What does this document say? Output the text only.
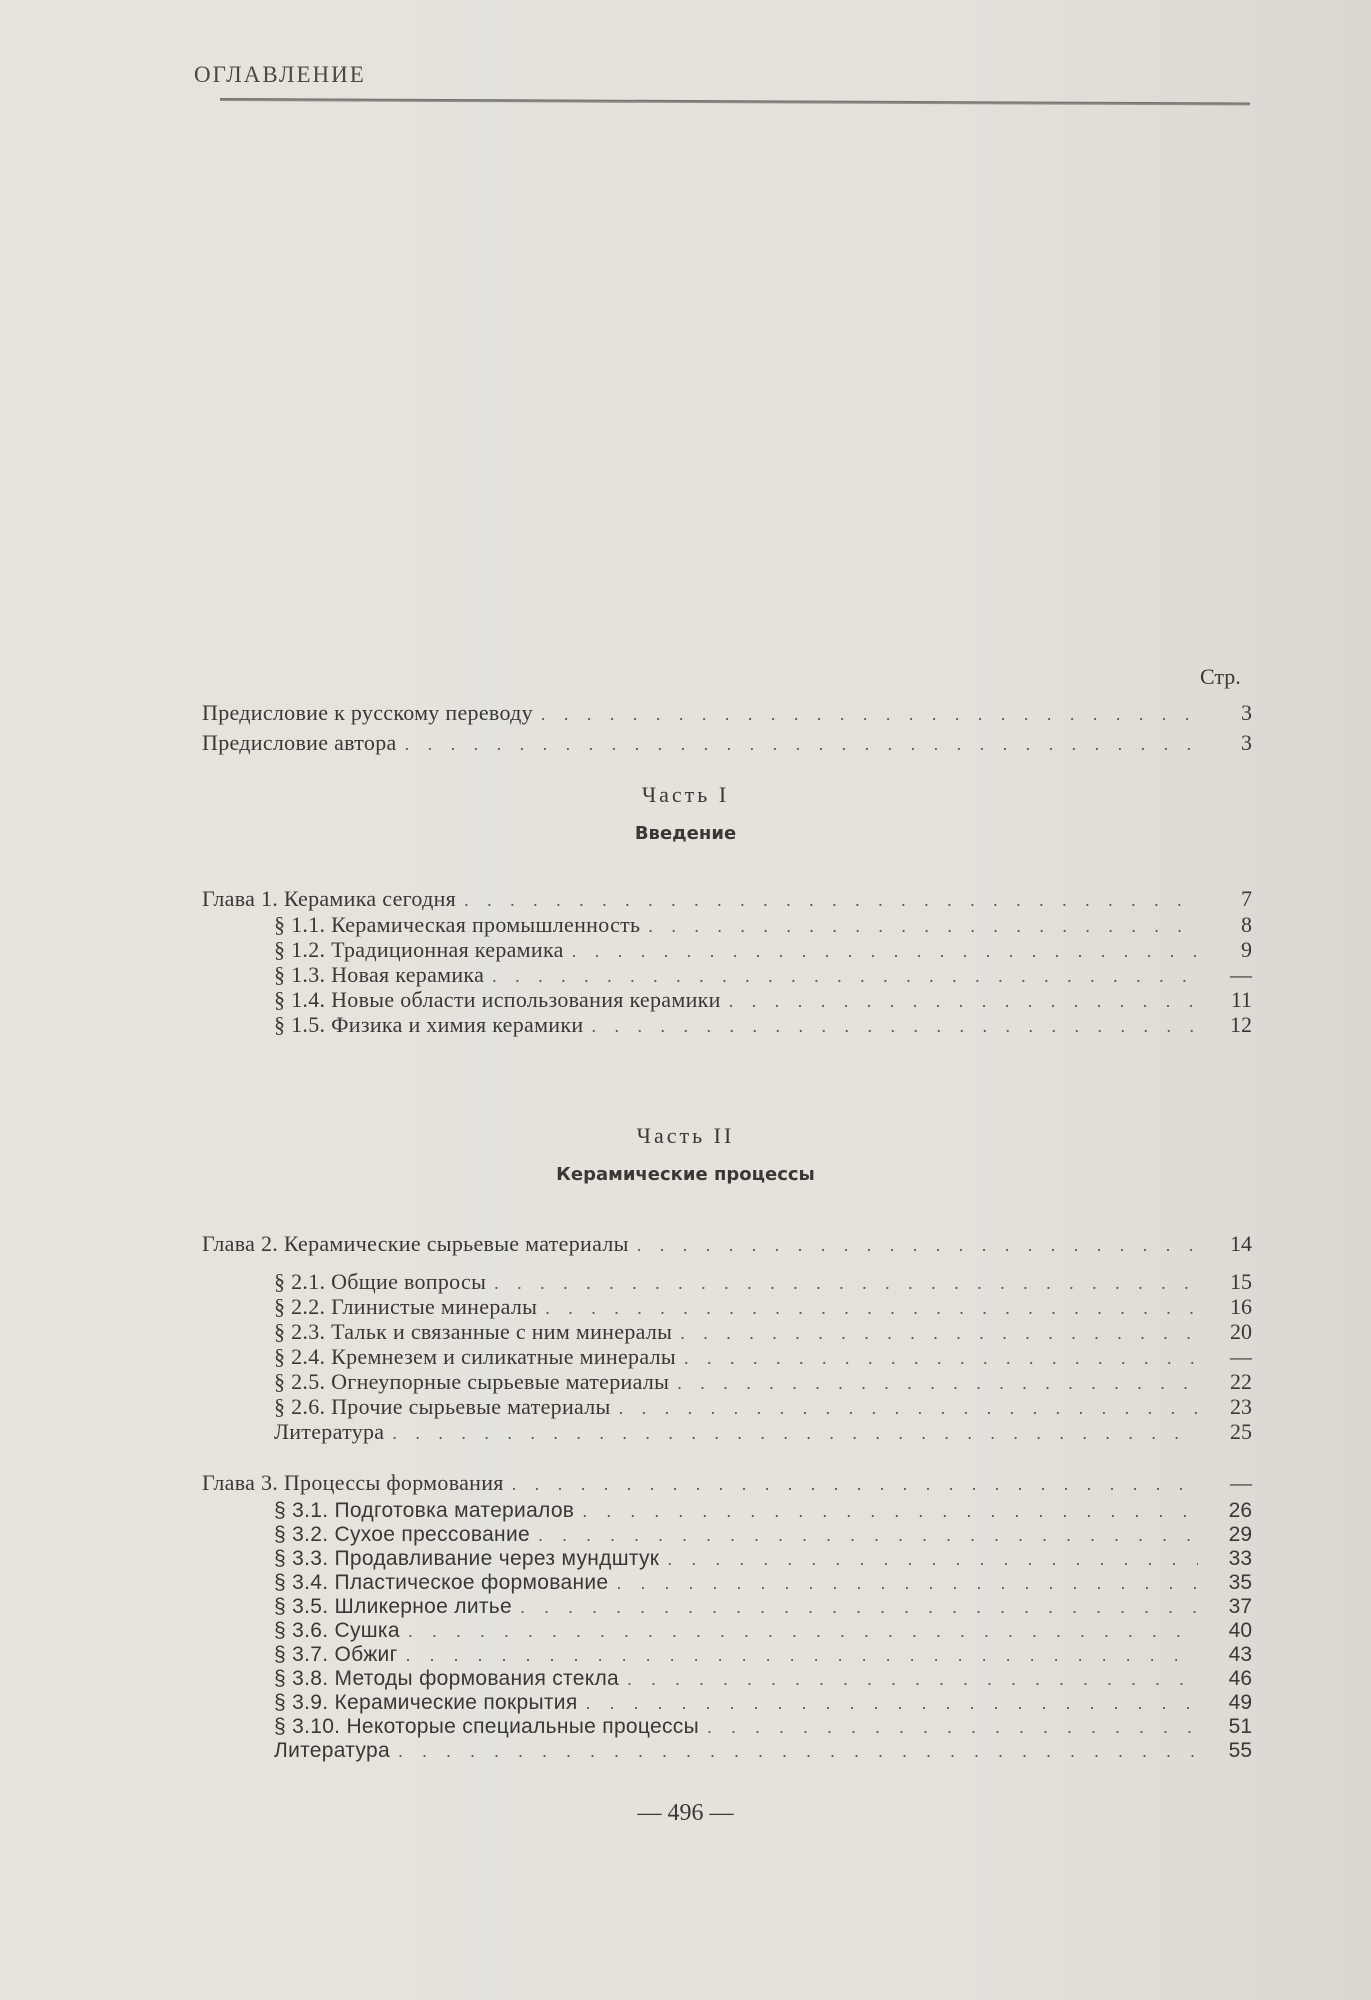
ОГЛАВЛЕНИЕ
Стр.
Предисловие к русскому переводу . . .	3
Предисловие автора . . .	3
Часть I
Введение
Глава 1. Керамика сегодня . . .	7
§ 1.1. Керамическая промышленность . . .	8
§ 1.2. Традиционная керамика . . .	9
§ 1.3. Новая керамика . . .	—
§ 1.4. Новые области использования керамики . . .	11
§ 1.5. Физика и химия керамики . . .	12
Часть II
Керамические процессы
Глава 2. Керамические сырьевые материалы . . .	14
§ 2.1. Общие вопросы . . .	15
§ 2.2. Глинистые минералы . . .	16
§ 2.3. Тальк и связанные с ним минералы . . .	20
§ 2.4. Кремнезем и силикатные минералы . . .	—
§ 2.5. Огнеупорные сырьевые материалы . . .	22
§ 2.6. Прочие сырьевые материалы . . .	23
Литература . . .	25
Глава 3. Процессы формования . . .	—
§ 3.1. Подготовка материалов . . .	26
§ 3.2. Сухое прессование . . .	29
§ 3.3. Продавливание через мундштук . . .	33
§ 3.4. Пластическое формование . . .	35
§ 3.5. Шликерное литье . . .	37
§ 3.6. Сушка . . .	40
§ 3.7. Обжиг . . .	43
§ 3.8. Методы формования стекла . . .	46
§ 3.9. Керамические покрытия . . .	49
§ 3.10. Некоторые специальные процессы . . .	51
Литература . . .	55
— 496 —
